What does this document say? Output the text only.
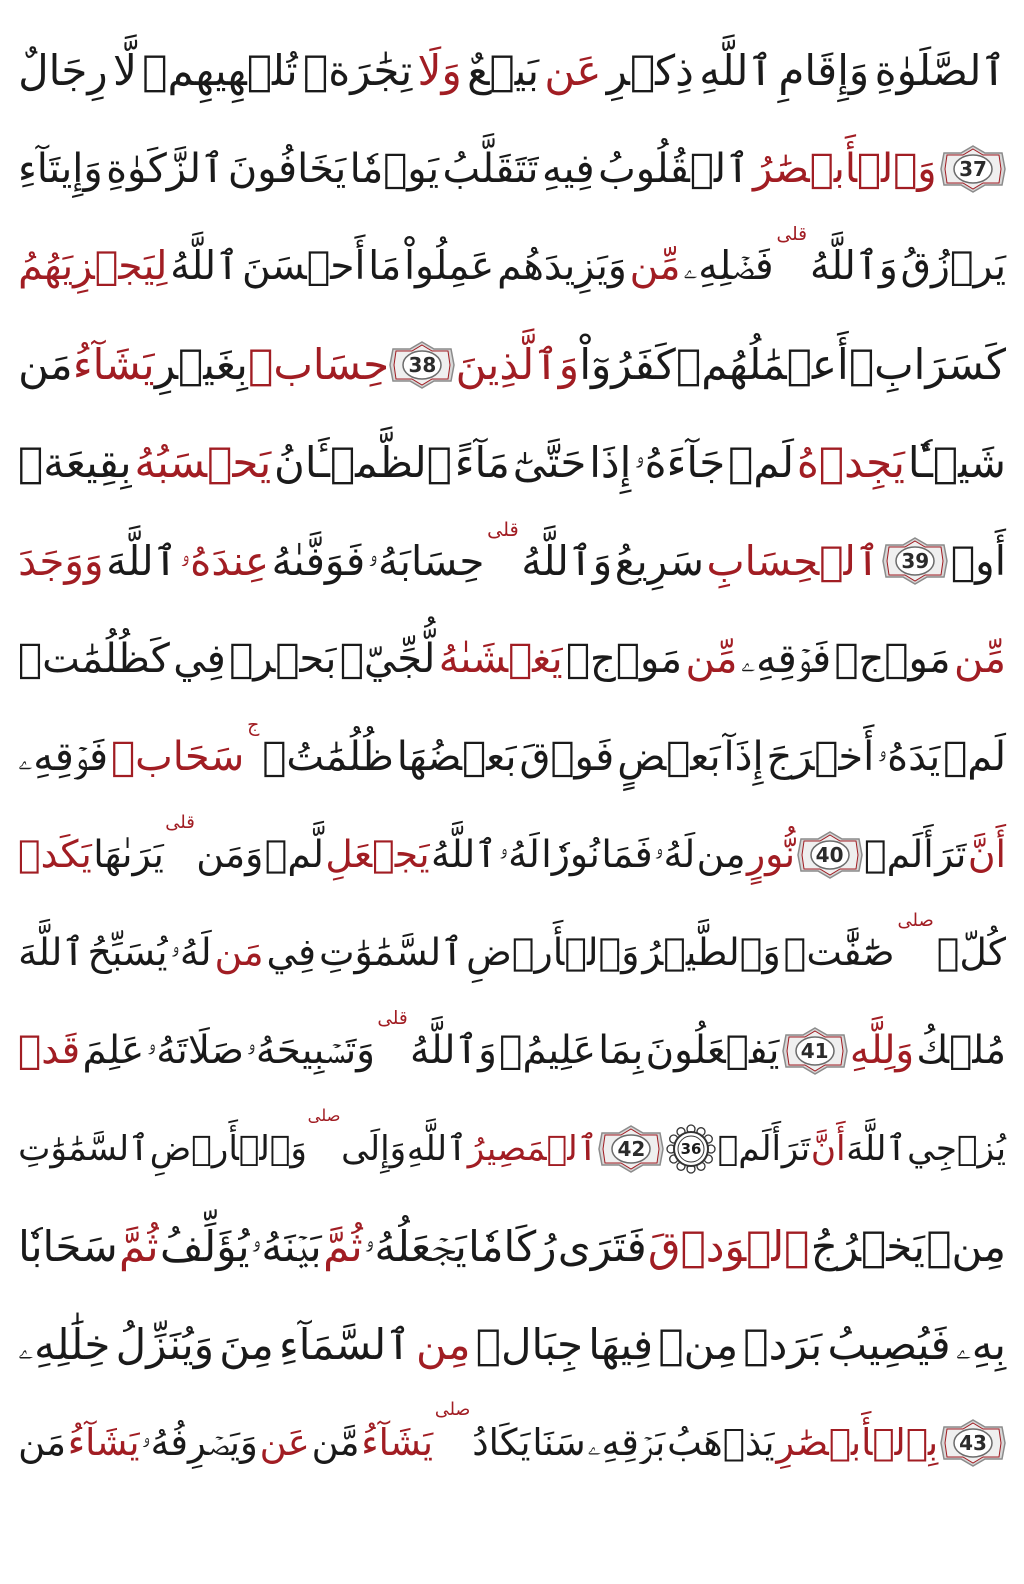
رِجَالٌ لَّا تُلۡهِيهِمۡ تِجَٰرَةٞ وَلَا بَيۡعٌ عَن ذِكۡرِ ٱللَّهِ وَإِقَامِ ٱلصَّلَوٰةِ
وَإِيتَآءِ ٱلزَّكَوٰةِ يَخَافُونَ يَوۡمٗا تَتَقَلَّبُ فِيهِ ٱلۡقُلُوبُ وَٱلۡأَبۡصَٰرُ 37
لِيَجۡزِيَهُمُ ٱللَّهُ أَحۡسَنَ مَا عَمِلُواْ وَيَزِيدَهُم مِّن فَضۡلِهِۦ
قلى
وَٱللَّهُ يَرۡزُقُ
مَن يَشَآءُ بِغَيۡرِ حِسَابٖ 38 وَٱلَّذِينَ كَفَرُوٓاْ أَعۡمَٰلُهُمۡ كَسَرَابِۭ
بِقِيعَةٖ يَحۡسَبُهُ ٱلظَّمۡـَٔانُ مَآءً حَتَّىٰٓ إِذَا جَآءَهُۥ لَمۡ يَجِدۡهُ شَيۡـٔٗا
وَوَجَدَ ٱللَّهَ عِندَهُۥ فَوَفَّىٰهُ حِسَابَهُۥ
قلى
وَٱللَّهُ سَرِيعُ ٱلۡحِسَابِ 39 أَوۡ
كَظُلُمَٰتٖ فِي بَحۡرٖ لُّجِّيّٖ يَغۡشَىٰهُ مَوۡجٞ مِّن فَوۡقِهِۦ مَوۡجٞ مِّن
فَوۡقِهِۦ سَحَابٞ
ج
ظُلُمَٰتُۢ بَعۡضُهَا فَوۡقَ بَعۡضٍ إِذَآ أَخۡرَجَ يَدَهُۥ لَمۡ
يَكَدۡ يَرَىٰهَا
قلى
وَمَن لَّمۡ يَجۡعَلِ ٱللَّهُ لَهُۥ نُورٗا فَمَا لَهُۥ مِن نُّورٍ 40 أَلَمۡ تَرَ أَنَّ
ٱللَّهَ يُسَبِّحُ لَهُۥ مَن فِي ٱلسَّمَٰوَٰتِ وَٱلۡأَرۡضِ وَٱلطَّيۡرُ صَٰٓفَّٰتٖ
صلى
كُلّٞ
قَدۡ عَلِمَ صَلَاتَهُۥ وَتَسۡبِيحَهُۥ
قلى
وَٱللَّهُ عَلِيمُۢ بِمَا يَفۡعَلُونَ 41 وَلِلَّهِ مُلۡكُ
ٱلسَّمَٰوَٰتِ وَٱلۡأَرۡضِ
صلى
وَإِلَى ٱللَّهِ ٱلۡمَصِيرُ 42 36 أَلَمۡ تَرَ أَنَّ ٱللَّهَ يُزۡجِي
سَحَابٗا ثُمَّ يُؤَلِّفُ بَيۡنَهُۥ ثُمَّ يَجۡعَلُهُۥ رُكَامٗا فَتَرَى ٱلۡوَدۡقَ يَخۡرُجُ مِنۡ
خِلَٰلِهِۦ وَيُنَزِّلُ مِنَ ٱلسَّمَآءِ مِن جِبَالٖ فِيهَا مِنۢ بَرَدٖ فَيُصِيبُ بِهِۦ
مَن يَشَآءُ وَيَصۡرِفُهُۥ عَن مَّن يَشَآءُ
صلى
يَكَادُ سَنَا بَرۡقِهِۦ يَذۡهَبُ بِٱلۡأَبۡصَٰرِ 43
